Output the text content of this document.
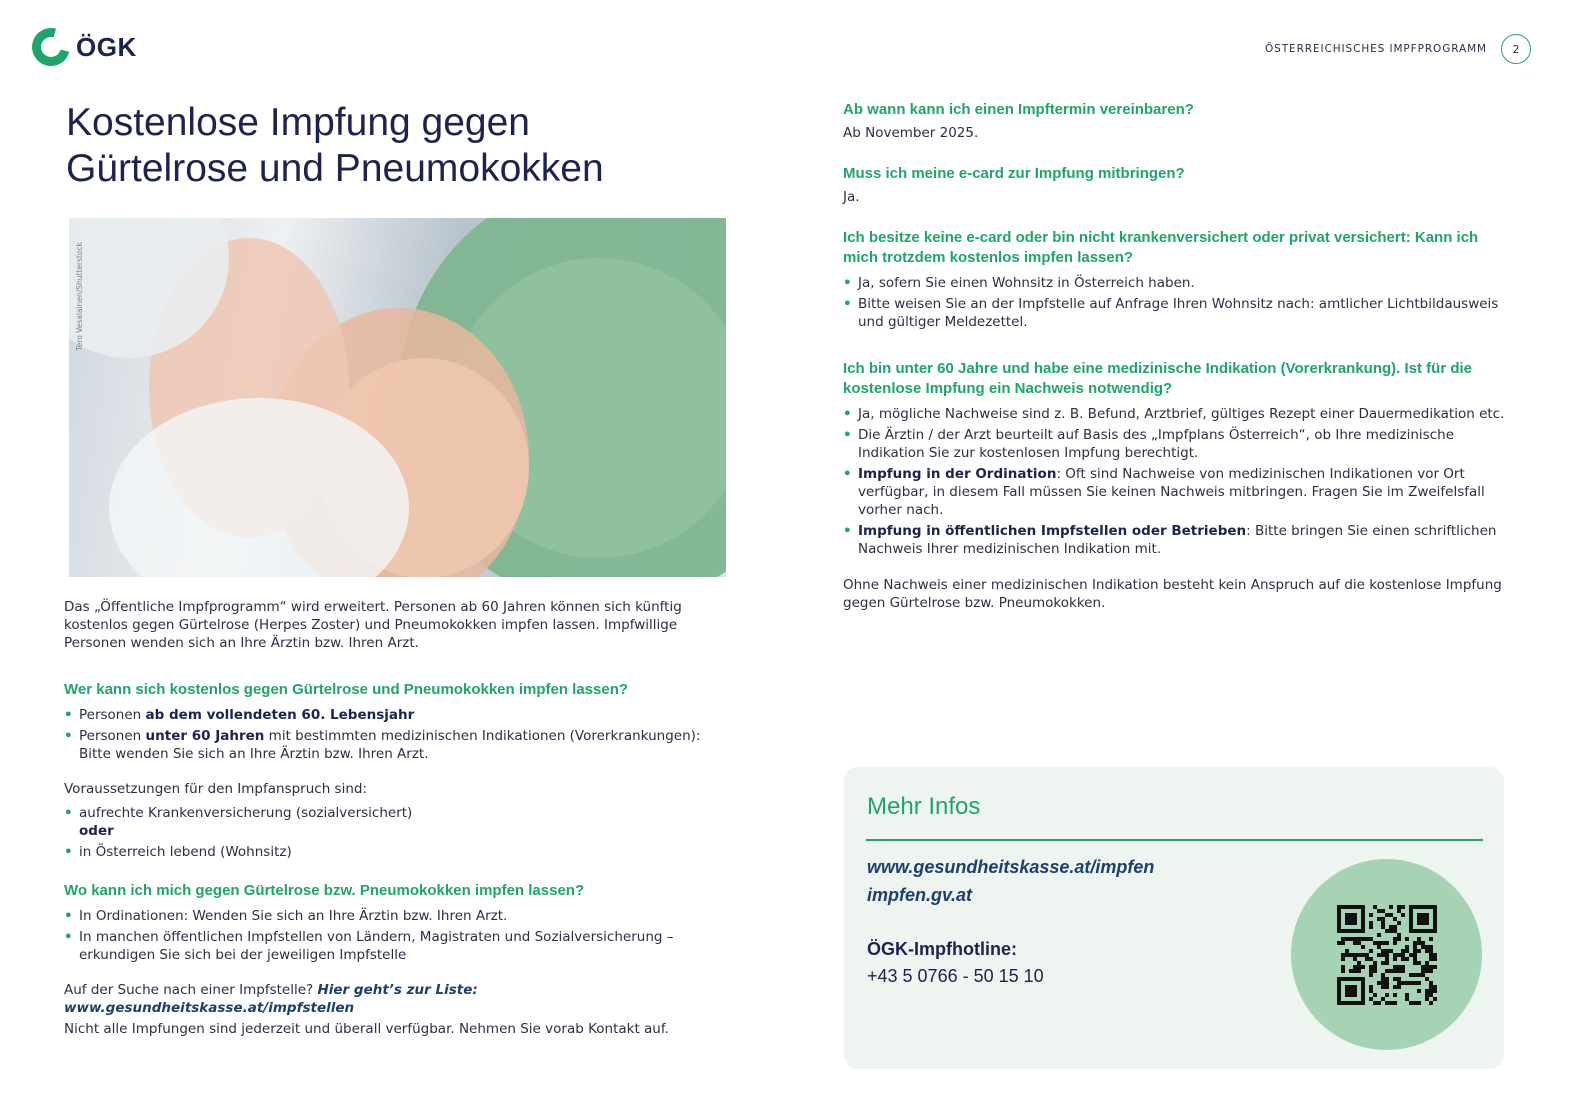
ÖGK	ÖSTERREICHISCHES IMPFPROGRAMM	2
Kostenlose Impfung gegen
Gürtelrose und Pneumokokken
Tero Vesalainen/Shutterstock

Das „Öffentliche Impfprogramm“ wird erweitert. Personen ab 60 Jahren können sich künftig kostenlos gegen Gürtelrose (Herpes Zoster) und Pneumokokken impfen lassen. Impfwillige Personen wenden sich an Ihre Ärztin bzw. Ihren Arzt.

Wer kann sich kostenlos gegen Gürtelrose und Pneumokokken impfen lassen?
• Personen ab dem vollendeten 60. Lebensjahr
• Personen unter 60 Jahren mit bestimmten medizinischen Indikationen (Vorerkrankungen): Bitte wenden Sie sich an Ihre Ärztin bzw. Ihren Arzt.

Voraussetzungen für den Impfanspruch sind:

• aufrechte Krankenversicherung (sozialversichert)
oder
• in Österreich lebend (Wohnsitz)
Wo kann ich mich gegen Gürtelrose bzw. Pneumokokken impfen lassen?
• In Ordinationen: Wenden Sie sich an Ihre Ärztin bzw. Ihren Arzt.
• In manchen öffentlichen Impfstellen von Ländern, Magistraten und Sozialversicherung – erkundigen Sie sich bei der jeweiligen Impfstelle

Auf der Suche nach einer Impfstelle? Hier geht’s zur Liste: www.gesundheitskasse.at/impfstellen

Nicht alle Impfungen sind jederzeit und überall verfügbar. Nehmen Sie vorab Kontakt auf.

Ab wann kann ich einen Impftermin vereinbaren?

Ab November 2025.

Muss ich meine e-card zur Impfung mitbringen?

Ja.

Ich besitze keine e-card oder bin nicht krankenversichert oder privat versichert: Kann ich mich trotzdem kostenlos impfen lassen?
• Ja, sofern Sie einen Wohnsitz in Österreich haben.
• Bitte weisen Sie an der Impfstelle auf Anfrage Ihren Wohnsitz nach: amtlicher Lichtbildausweis und gültiger Meldezettel.
Ich bin unter 60 Jahre und habe eine medizinische Indikation (Vorerkrankung). Ist für die kostenlose Impfung ein Nachweis notwendig?
• Ja, mögliche Nachweise sind z. B. Befund, Arztbrief, gültiges Rezept einer Dauermedikation etc.
• Die Ärztin / der Arzt beurteilt auf Basis des „Impfplans Österreich“, ob Ihre medizinische Indikation Sie zur kostenlosen Impfung berechtigt.
• Impfung in der Ordination: Oft sind Nachweise von medizinischen Indikationen vor Ort verfügbar, in diesem Fall müssen Sie keinen Nachweis mitbringen. Fragen Sie im Zweifelsfall vorher nach.
• Impfung in öffentlichen Impfstellen oder Betrieben: Bitte bringen Sie einen schriftlichen Nachweis Ihrer medizinischen Indikation mit.

Ohne Nachweis einer medizinischen Indikation besteht kein Anspruch auf die kostenlose Impfung gegen Gürtelrose bzw. Pneumokokken.

Mehr Infos
www.gesundheitskasse.at/impfen
impfen.gv.at
ÖGK-Impfhotline:
+43 5 0766 - 50 15 10
